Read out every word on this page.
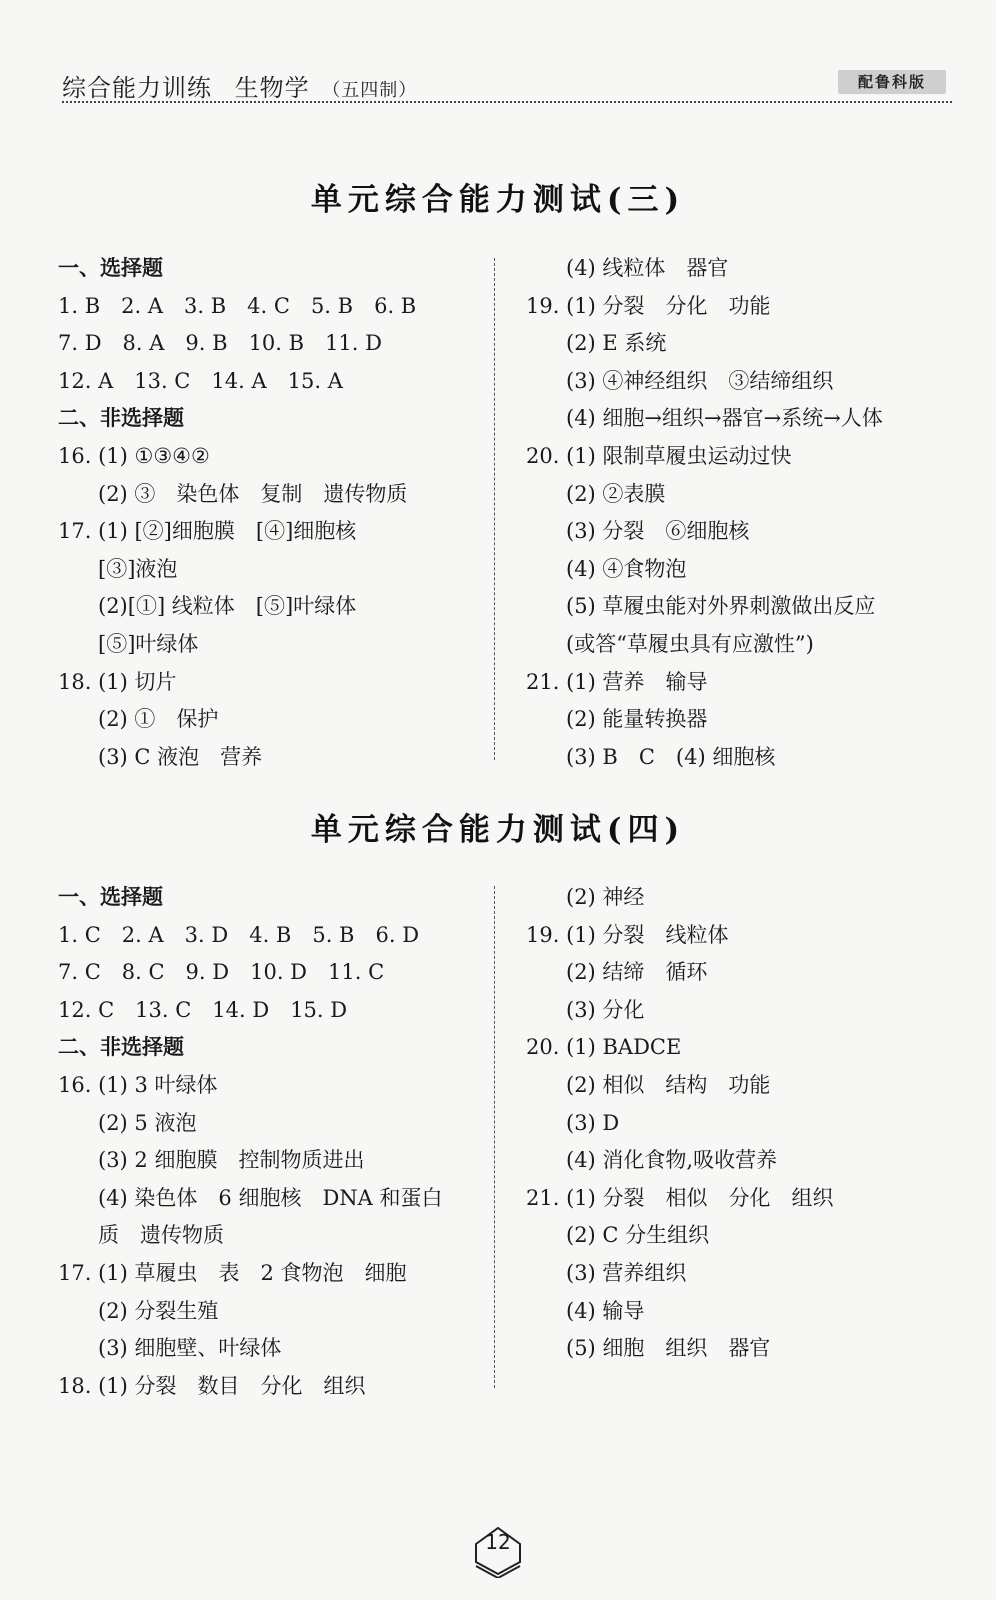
综合能力训练 生物学 （五四制）	配鲁科版
单元综合能力测试(三)
一、选择题
1. B　2. A　3. B　4. C　5. B　6. B
7. D　8. A　9. B　10. B　11. D
12. A　13. C　14. A　15. A
二、非选择题
16. (1) ①③④②
(2) ③　染色体　复制　遗传物质
17. (1) [②]细胞膜　[④]细胞核
[③]液泡
(2)[①] 线粒体　[⑤]叶绿体
[⑤]叶绿体
18. (1) 切片
(2) ①　保护
(3) C 液泡　营养
(4) 线粒体　器官
19. (1) 分裂　分化　功能
(2) E 系统
(3) ④神经组织　③结缔组织
(4) 细胞→组织→器官→系统→人体
20. (1) 限制草履虫运动过快
(2) ②表膜
(3) 分裂　⑥细胞核
(4) ④食物泡
(5) 草履虫能对外界刺激做出反应
(或答“草履虫具有应激性”)
21. (1) 营养　输导
(2) 能量转换器
(3) B　C　(4) 细胞核
单元综合能力测试(四)
一、选择题
1. C　2. A　3. D　4. B　5. B　6. D
7. C　8. C　9. D　10. D　11. C
12. C　13. C　14. D　15. D
二、非选择题
16. (1) 3 叶绿体
(2) 5 液泡
(3) 2 细胞膜　控制物质进出
(4) 染色体　6 细胞核　DNA 和蛋白
质　遗传物质
17. (1) 草履虫　表　2 食物泡　细胞
(2) 分裂生殖
(3) 细胞壁、叶绿体
18. (1) 分裂　数目　分化　组织
(2) 神经
19. (1) 分裂　线粒体
(2) 结缔　循环
(3) 分化
20. (1) BADCE
(2) 相似　结构　功能
(3) D
(4) 消化食物,吸收营养
21. (1) 分裂　相似　分化　组织
(2) C 分生组织
(3) 营养组织
(4) 输导
(5) 细胞　组织　器官
12
